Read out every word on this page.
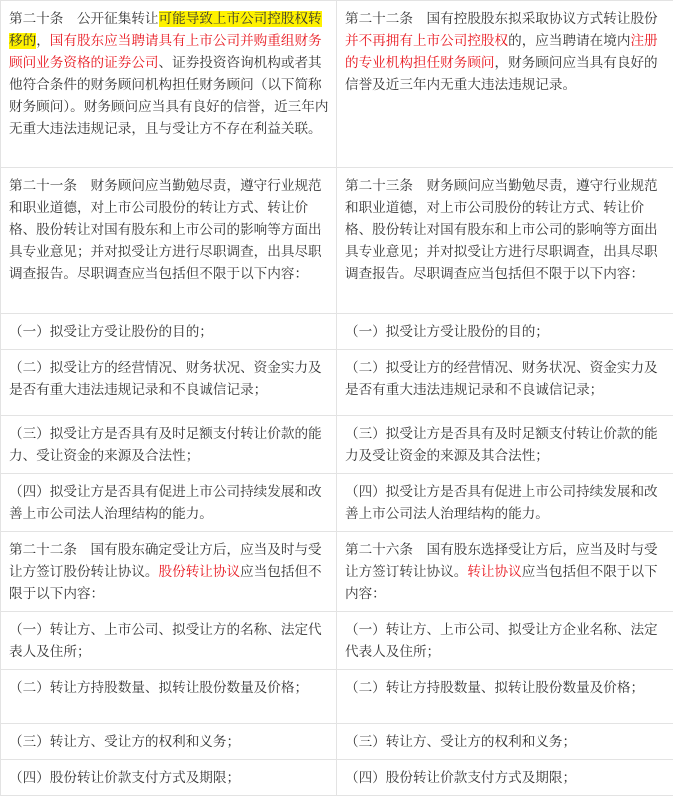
第二十条　公开征集转让可能导致上市公司控股权转移的，国有股东应当聘请具有上市公司并购重组财务顾问业务资格的证券公司、证券投资咨询机构或者其他符合条件的财务顾问机构担任财务顾问（以下简称财务顾问）。财务顾问应当具有良好的信誉，近三年内无重大违法违规记录，且与受让方不存在利益关联。	第二十二条　国有控股股东拟采取协议方式转让股份并不再拥有上市公司控股权的，应当聘请在境内注册的专业机构担任财务顾问，财务顾问应当具有良好的信誉及近三年内无重大违法违规记录。
第二十一条　财务顾问应当勤勉尽责，遵守行业规范和职业道德，对上市公司股份的转让方式、转让价格、股份转让对国有股东和上市公司的影响等方面出具专业意见；并对拟受让方进行尽职调查，出具尽职调查报告。尽职调查应当包括但不限于以下内容：	第二十三条　财务顾问应当勤勉尽责，遵守行业规范和职业道德，对上市公司股份的转让方式、转让价格、股份转让对国有股东和上市公司的影响等方面出具专业意见；并对拟受让方进行尽职调查，出具尽职调查报告。尽职调查应当包括但不限于以下内容：
（一）拟受让方受让股份的目的；	（一）拟受让方受让股份的目的；
（二）拟受让方的经营情况、财务状况、资金实力及是否有重大违法违规记录和不良诚信记录；	（二）拟受让方的经营情况、财务状况、资金实力及是否有重大违法违规记录和不良诚信记录；
（三）拟受让方是否具有及时足额支付转让价款的能力、受让资金的来源及合法性；	（三）拟受让方是否具有及时足额支付转让价款的能力及受让资金的来源及其合法性；
（四）拟受让方是否具有促进上市公司持续发展和改善上市公司法人治理结构的能力。	（四）拟受让方是否具有促进上市公司持续发展和改善上市公司法人治理结构的能力。
第二十二条　国有股东确定受让方后，应当及时与受让方签订股份转让协议。股份转让协议应当包括但不限于以下内容：	第二十六条　国有股东选择受让方后，应当及时与受让方签订转让协议。转让协议应当包括但不限于以下内容：
（一）转让方、上市公司、拟受让方的名称、法定代表人及住所；	（一）转让方、上市公司、拟受让方企业名称、法定代表人及住所；
（二）转让方持股数量、拟转让股份数量及价格；	（二）转让方持股数量、拟转让股份数量及价格；
（三）转让方、受让方的权利和义务；	（三）转让方、受让方的权利和义务；
（四）股份转让价款支付方式及期限；	（四）股份转让价款支付方式及期限；
